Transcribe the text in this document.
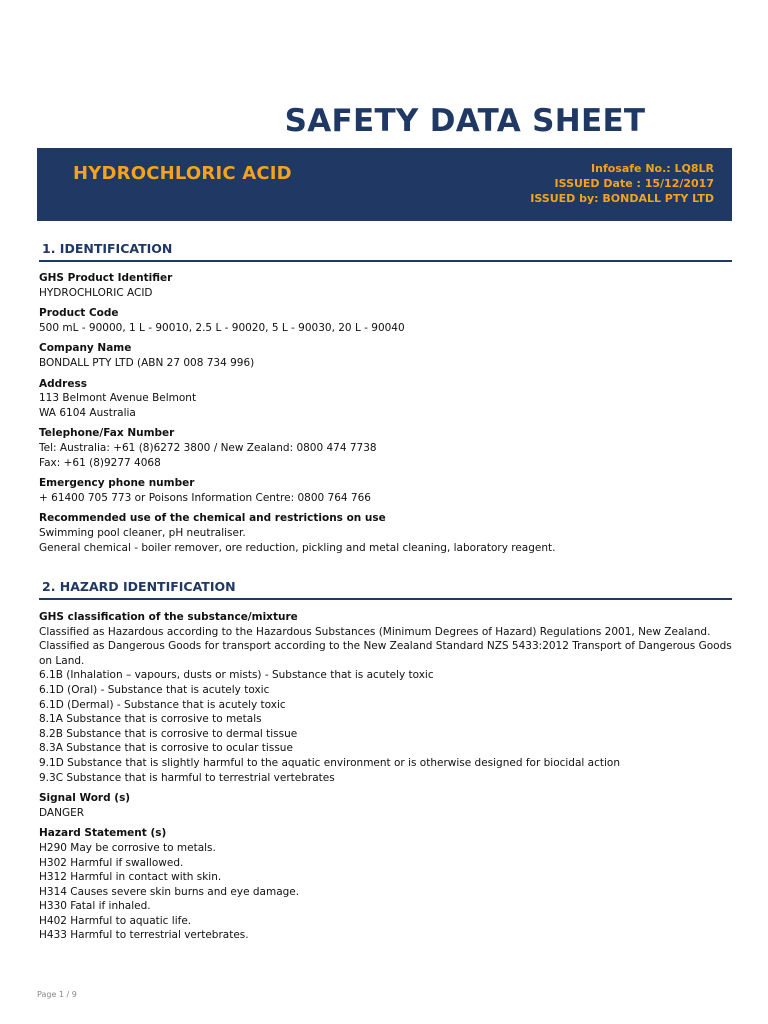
SAFETY DATA SHEET
HYDROCHLORIC ACID	Infosafe No.: LQ8LR
ISSUED Date : 15/12/2017
ISSUED by: BONDALL PTY LTD
1. IDENTIFICATION
GHS Product Identifier
HYDROCHLORIC ACID
Product Code
500 mL - 90000, 1 L - 90010, 2.5 L - 90020, 5 L - 90030, 20 L - 90040
Company Name
BONDALL PTY LTD (ABN 27 008 734 996)
Address
113 Belmont Avenue Belmont
WA 6104 Australia
Telephone/Fax Number
Tel: Australia: +61 (8)6272 3800 / New Zealand: 0800 474 7738
Fax: +61 (8)9277 4068
Emergency phone number
+ 61400 705 773 or Poisons Information Centre: 0800 764 766
Recommended use of the chemical and restrictions on use
Swimming pool cleaner, pH neutraliser.
General chemical - boiler remover, ore reduction, pickling and metal cleaning, laboratory reagent.
2. HAZARD IDENTIFICATION
GHS classification of the substance/mixture
Classified as Hazardous according to the Hazardous Substances (Minimum Degrees of Hazard) Regulations 2001, New Zealand.
Classified as Dangerous Goods for transport according to the New Zealand Standard NZS 5433:2012 Transport of Dangerous Goods
on Land.
6.1B (Inhalation – vapours, dusts or mists) - Substance that is acutely toxic
6.1D (Oral) - Substance that is acutely toxic
6.1D (Dermal) - Substance that is acutely toxic
8.1A Substance that is corrosive to metals
8.2B Substance that is corrosive to dermal tissue
8.3A Substance that is corrosive to ocular tissue
9.1D Substance that is slightly harmful to the aquatic environment or is otherwise designed for biocidal action
9.3C Substance that is harmful to terrestrial vertebrates
Signal Word (s)
DANGER
Hazard Statement (s)
H290 May be corrosive to metals.
H302 Harmful if swallowed.
H312 Harmful in contact with skin.
H314 Causes severe skin burns and eye damage.
H330 Fatal if inhaled.
H402 Harmful to aquatic life.
H433 Harmful to terrestrial vertebrates.
Page 1 / 9
